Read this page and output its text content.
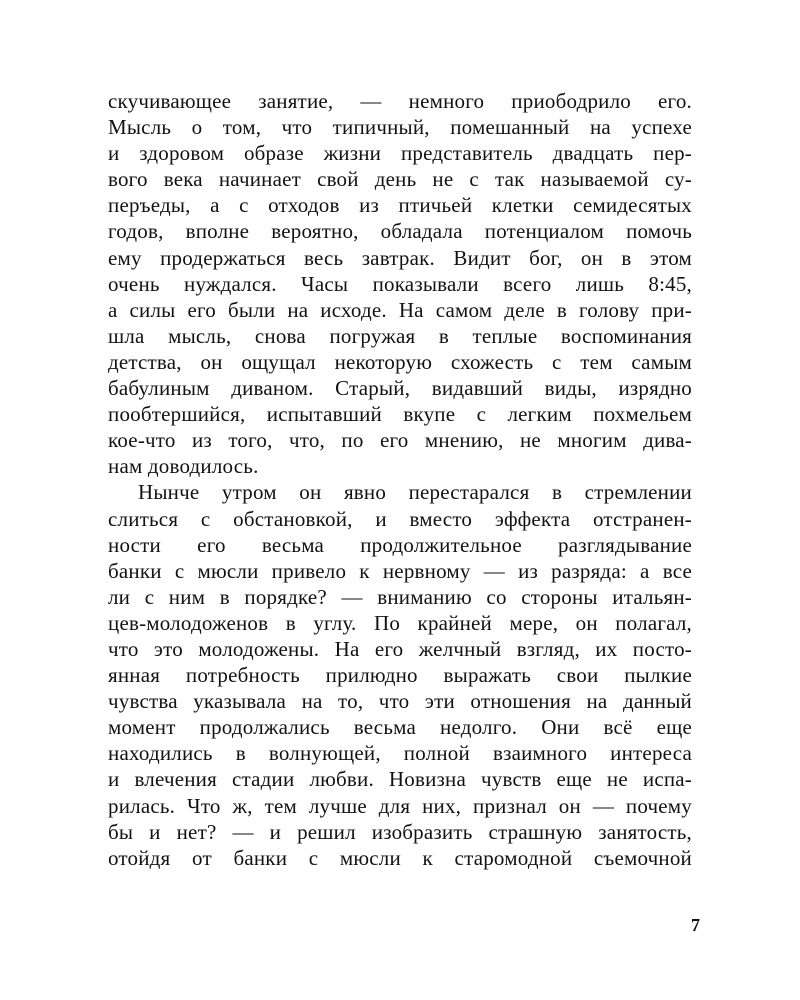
скучивающее занятие, — немного приободрило его.
Мысль о том, что типичный, помешанный на успехе
и здоровом образе жизни представитель двадцать пер-
вого века начинает свой день не с так называемой су-
перъеды, а с отходов из птичьей клетки семидесятых
годов, вполне вероятно, обладала потенциалом помочь
ему продержаться весь завтрак. Видит бог, он в этом
очень нуждался. Часы показывали всего лишь 8:45,
а силы его были на исходе. На самом деле в голову при-
шла мысль, снова погружая в теплые воспоминания
детства, он ощущал некоторую схожесть с тем самым
бабулиным диваном. Старый, видавший виды, изрядно
пообтершийся, испытавший вкупе с легким похмельем
кое-что из того, что, по его мнению, не многим дива-
нам доводилось.
Нынче утром он явно перестарался в стремлении
слиться с обстановкой, и вместо эффекта отстранен-
ности его весьма продолжительное разглядывание
банки с мюсли привело к нервному — из разряда: а все
ли с ним в порядке? — вниманию со стороны итальян-
цев-молодоженов в углу. По крайней мере, он полагал,
что это молодожены. На его желчный взгляд, их посто-
янная потребность прилюдно выражать свои пылкие
чувства указывала на то, что эти отношения на данный
момент продолжались весьма недолго. Они всё еще
находились в волнующей, полной взаимного интереса
и влечения стадии любви. Новизна чувств еще не испа-
рилась. Что ж, тем лучше для них, признал он — почему
бы и нет? — и решил изобразить страшную занятость,
отойдя от банки с мюсли к старомодной съемочной
7
